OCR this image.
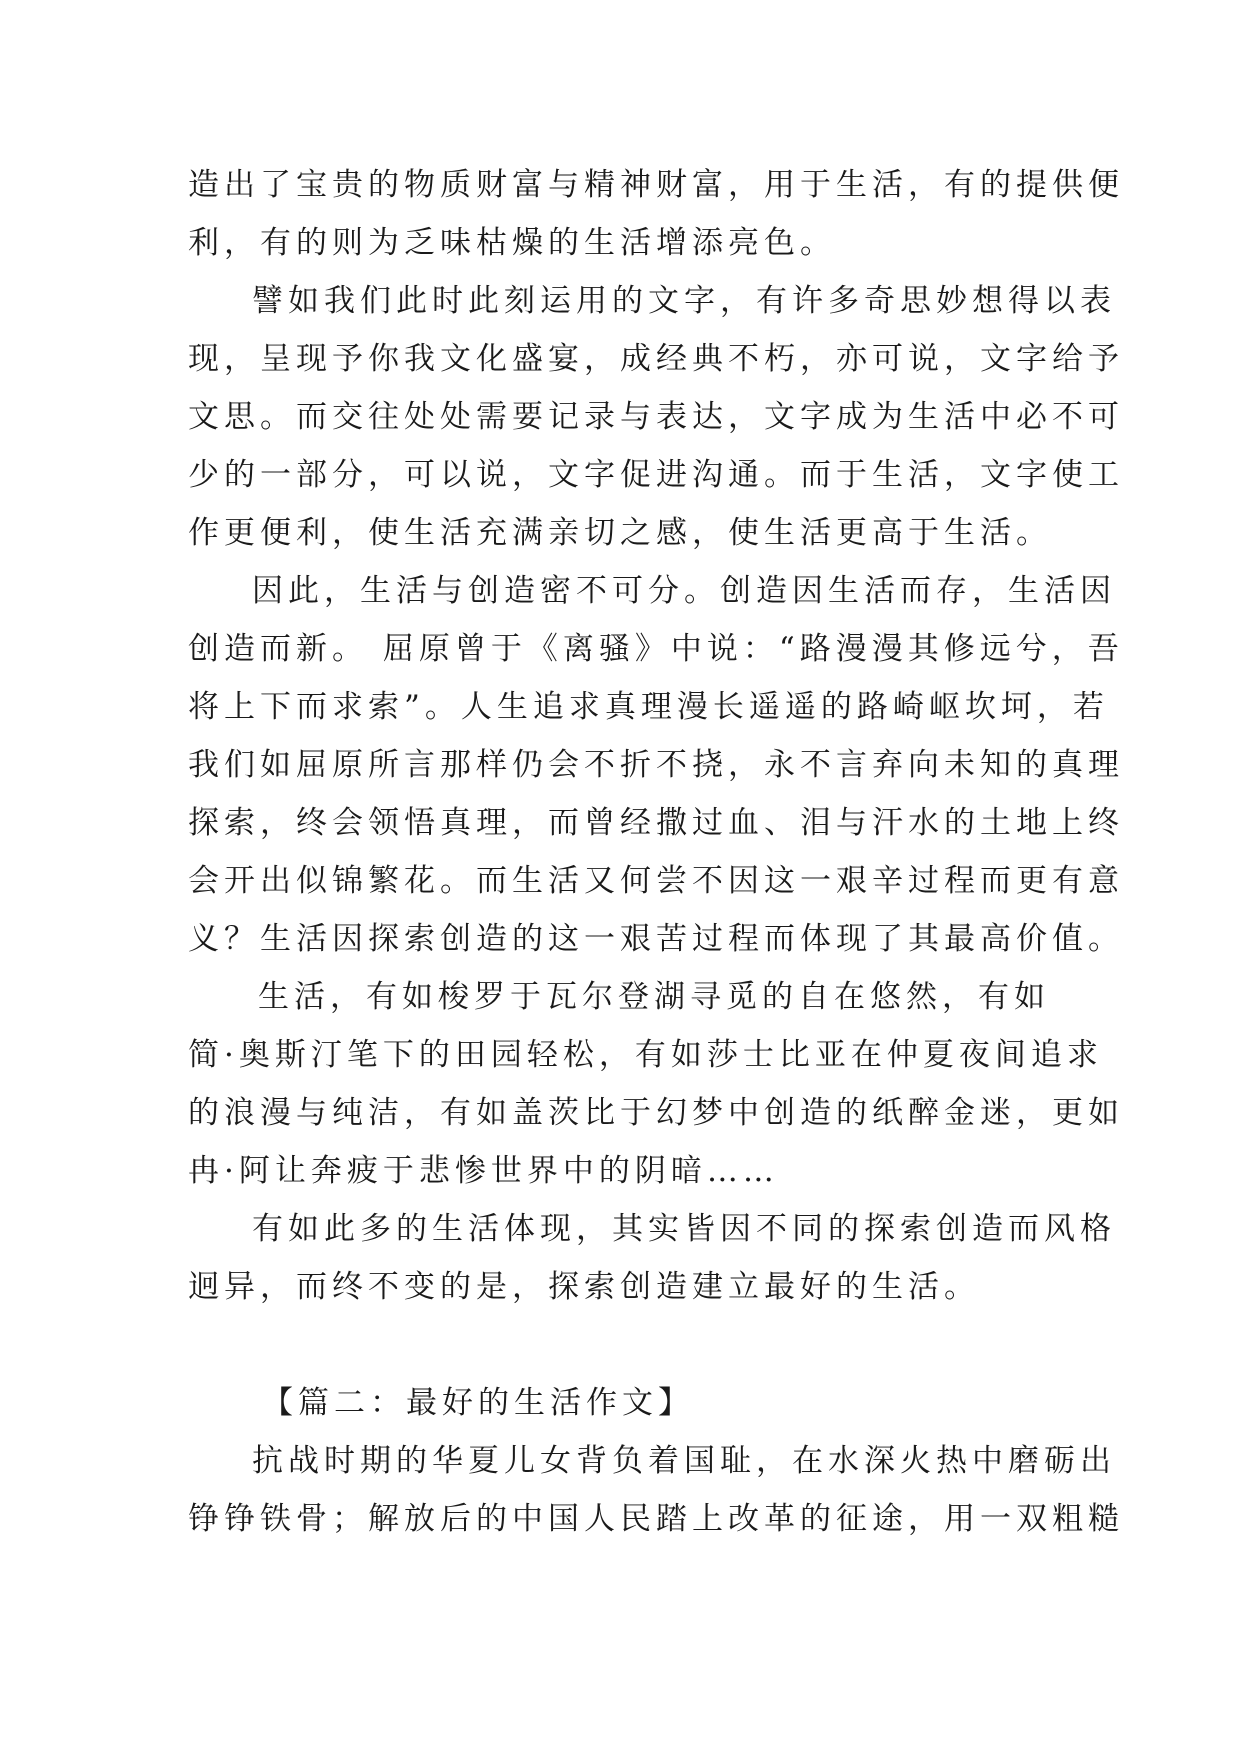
造出了宝贵的物质财富与精神财富，用于生活，有的提供便
利，有的则为乏味枯燥的生活增添亮色。
譬如我们此时此刻运用的文字，有许多奇思妙想得以表
现，呈现予你我文化盛宴，成经典不朽，亦可说，文字给予
文思。而交往处处需要记录与表达，文字成为生活中必不可
少的一部分，可以说，文字促进沟通。而于生活，文字使工
作更便利，使生活充满亲切之感，使生活更高于生活。
因此，生活与创造密不可分。创造因生活而存，生活因
创造而新。 屈原曾于《离骚》中说：“路漫漫其修远兮，吾
将上下而求索”。人生追求真理漫长遥遥的路崎岖坎坷，若
我们如屈原所言那样仍会不折不挠，永不言弃向未知的真理
探索，终会领悟真理，而曾经撒过血、泪与汗水的土地上终
会开出似锦繁花。而生活又何尝不因这一艰辛过程而更有意
义？生活因探索创造的这一艰苦过程而体现了其最高价值。
生活，有如梭罗于瓦尔登湖寻觅的自在悠然，有如
简·奥斯汀笔下的田园轻松，有如莎士比亚在仲夏夜间追求
的浪漫与纯洁，有如盖茨比于幻梦中创造的纸醉金迷，更如
冉·阿让奔疲于悲惨世界中的阴暗……
有如此多的生活体现，其实皆因不同的探索创造而风格
迥异，而终不变的是，探索创造建立最好的生活。
【篇二：最好的生活作文】
抗战时期的华夏儿女背负着国耻，在水深火热中磨砺出
铮铮铁骨；解放后的中国人民踏上改革的征途，用一双粗糙
